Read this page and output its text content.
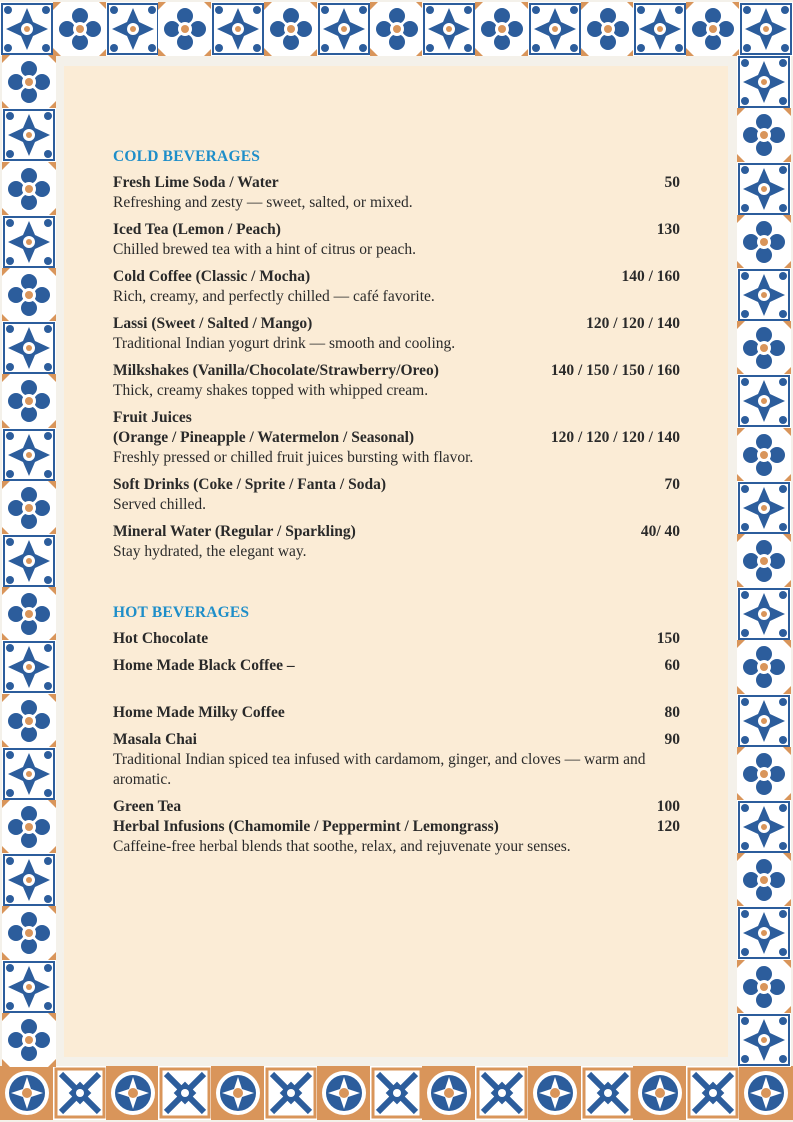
COLD BEVERAGES
Fresh Lime Soda / Water	50
Refreshing and zesty — sweet, salted, or mixed.
Iced Tea (Lemon / Peach)	130
Chilled brewed tea with a hint of citrus or peach.
Cold Coffee (Classic / Mocha)	140 / 160
Rich, creamy, and perfectly chilled — café favorite.
Lassi (Sweet / Salted / Mango)	120 / 120 / 140
Traditional Indian yogurt drink — smooth and cooling.
Milkshakes (Vanilla/Chocolate/Strawberry/Oreo)	140 / 150 / 150 / 160
Thick, creamy shakes topped with whipped cream.
Fruit Juices
(Orange / Pineapple / Watermelon / Seasonal)	120 / 120 / 120 / 140
Freshly pressed or chilled fruit juices bursting with flavor.
Soft Drinks (Coke / Sprite / Fanta / Soda)	70
Served chilled.
Mineral Water (Regular / Sparkling)	40/ 40
Stay hydrated, the elegant way.
HOT BEVERAGES
Hot Chocolate	150
Home Made Black Coffee –	60
Home Made Milky Coffee	80
Masala Chai	90
Traditional Indian spiced tea infused with cardamom, ginger, and cloves — warm and aromatic.
Green Tea	100
Herbal Infusions (Chamomile / Peppermint / Lemongrass)	120
Caffeine-free herbal blends that soothe, relax, and rejuvenate your senses.
